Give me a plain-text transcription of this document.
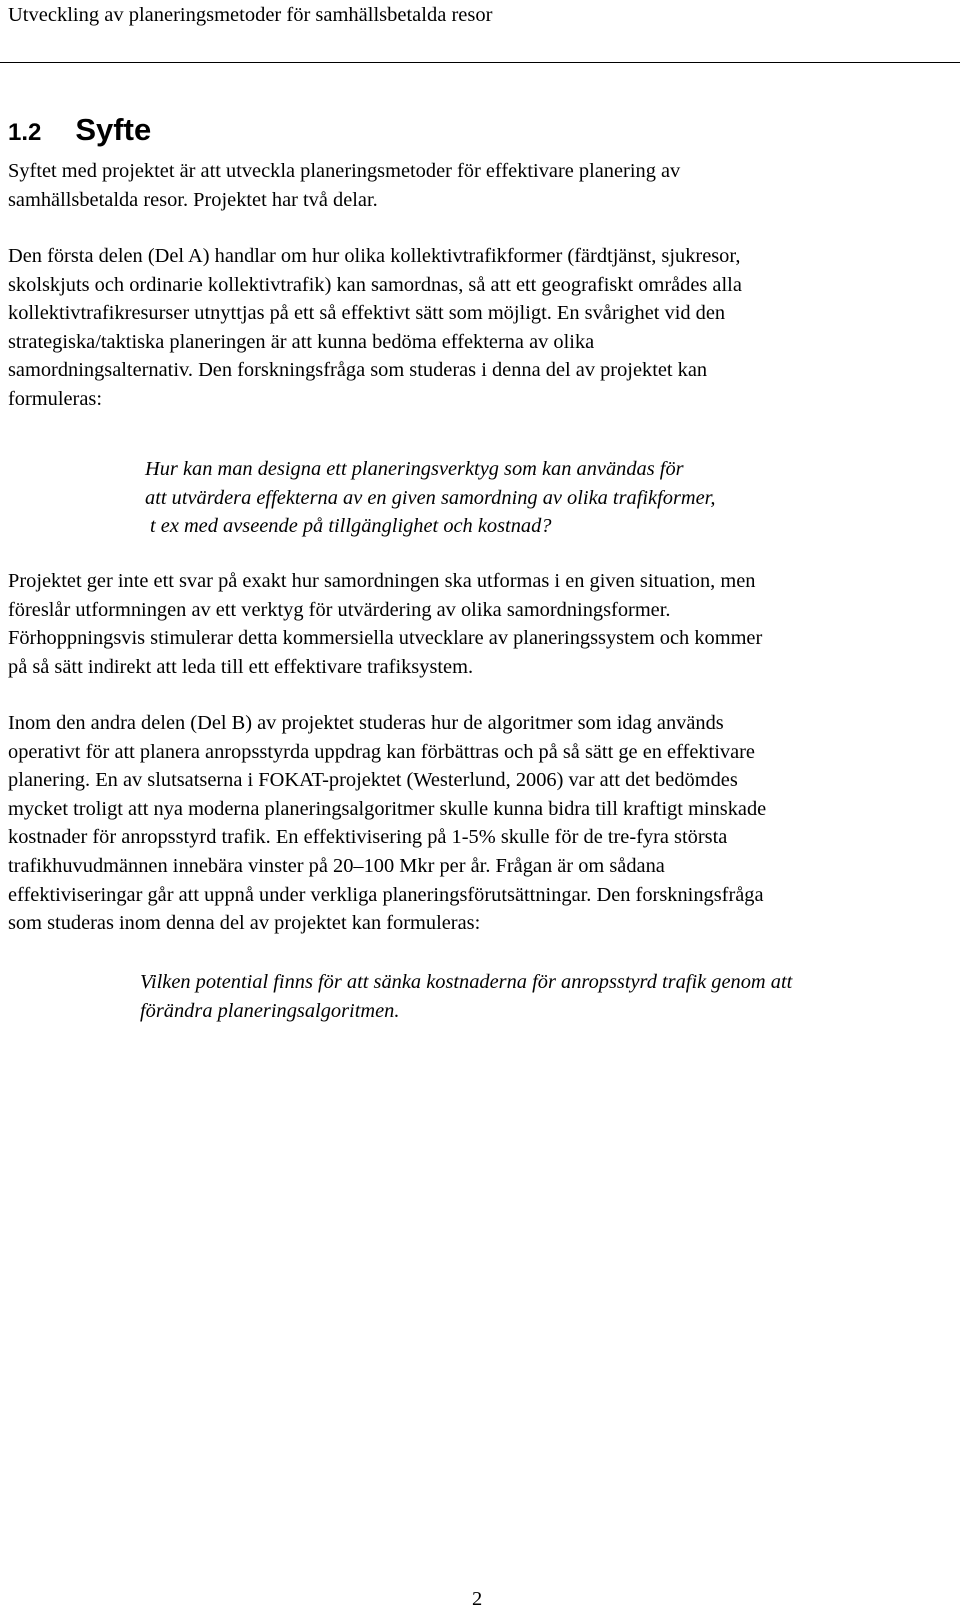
Utveckling av planeringsmetoder för samhällsbetalda resor
1.2 Syfte

Syftet med projektet är att utveckla planeringsmetoder för effektivare planering av
samhällsbetalda resor. Projektet har två delar.

Den första delen (Del A) handlar om hur olika kollektivtrafikformer (färdtjänst, sjukresor,
skolskjuts och ordinarie kollektivtrafik) kan samordnas, så att ett geografiskt områdes alla
kollektivtrafikresurser utnyttjas på ett så effektivt sätt som möjligt. En svårighet vid den
strategiska/taktiska planeringen är att kunna bedöma effekterna av olika
samordningsalternativ. Den forskningsfråga som studeras i denna del av projektet kan
formuleras:

Hur kan man designa ett planeringsverktyg som kan användas för
att utvärdera effekterna av en given samordning av olika trafikformer,
t ex med avseende på tillgänglighet och kostnad?

Projektet ger inte ett svar på exakt hur samordningen ska utformas i en given situation, men
föreslår utformningen av ett verktyg för utvärdering av olika samordningsformer.
Förhoppningsvis stimulerar detta kommersiella utvecklare av planeringssystem och kommer
på så sätt indirekt att leda till ett effektivare trafiksystem.

Inom den andra delen (Del B) av projektet studeras hur de algoritmer som idag används
operativt för att planera anropsstyrda uppdrag kan förbättras och på så sätt ge en effektivare
planering. En av slutsatserna i FOKAT-projektet (Westerlund, 2006) var att det bedömdes
mycket troligt att nya moderna planeringsalgoritmer skulle kunna bidra till kraftigt minskade
kostnader för anropsstyrd trafik. En effektivisering på 1-5% skulle för de tre-fyra största
trafikhuvudmännen innebära vinster på 20–100 Mkr per år. Frågan är om sådana
effektiviseringar går att uppnå under verkliga planeringsförutsättningar. Den forskningsfråga
som studeras inom denna del av projektet kan formuleras:

Vilken potential finns för att sänka kostnaderna för anropsstyrd trafik genom att
förändra planeringsalgoritmen.

2
